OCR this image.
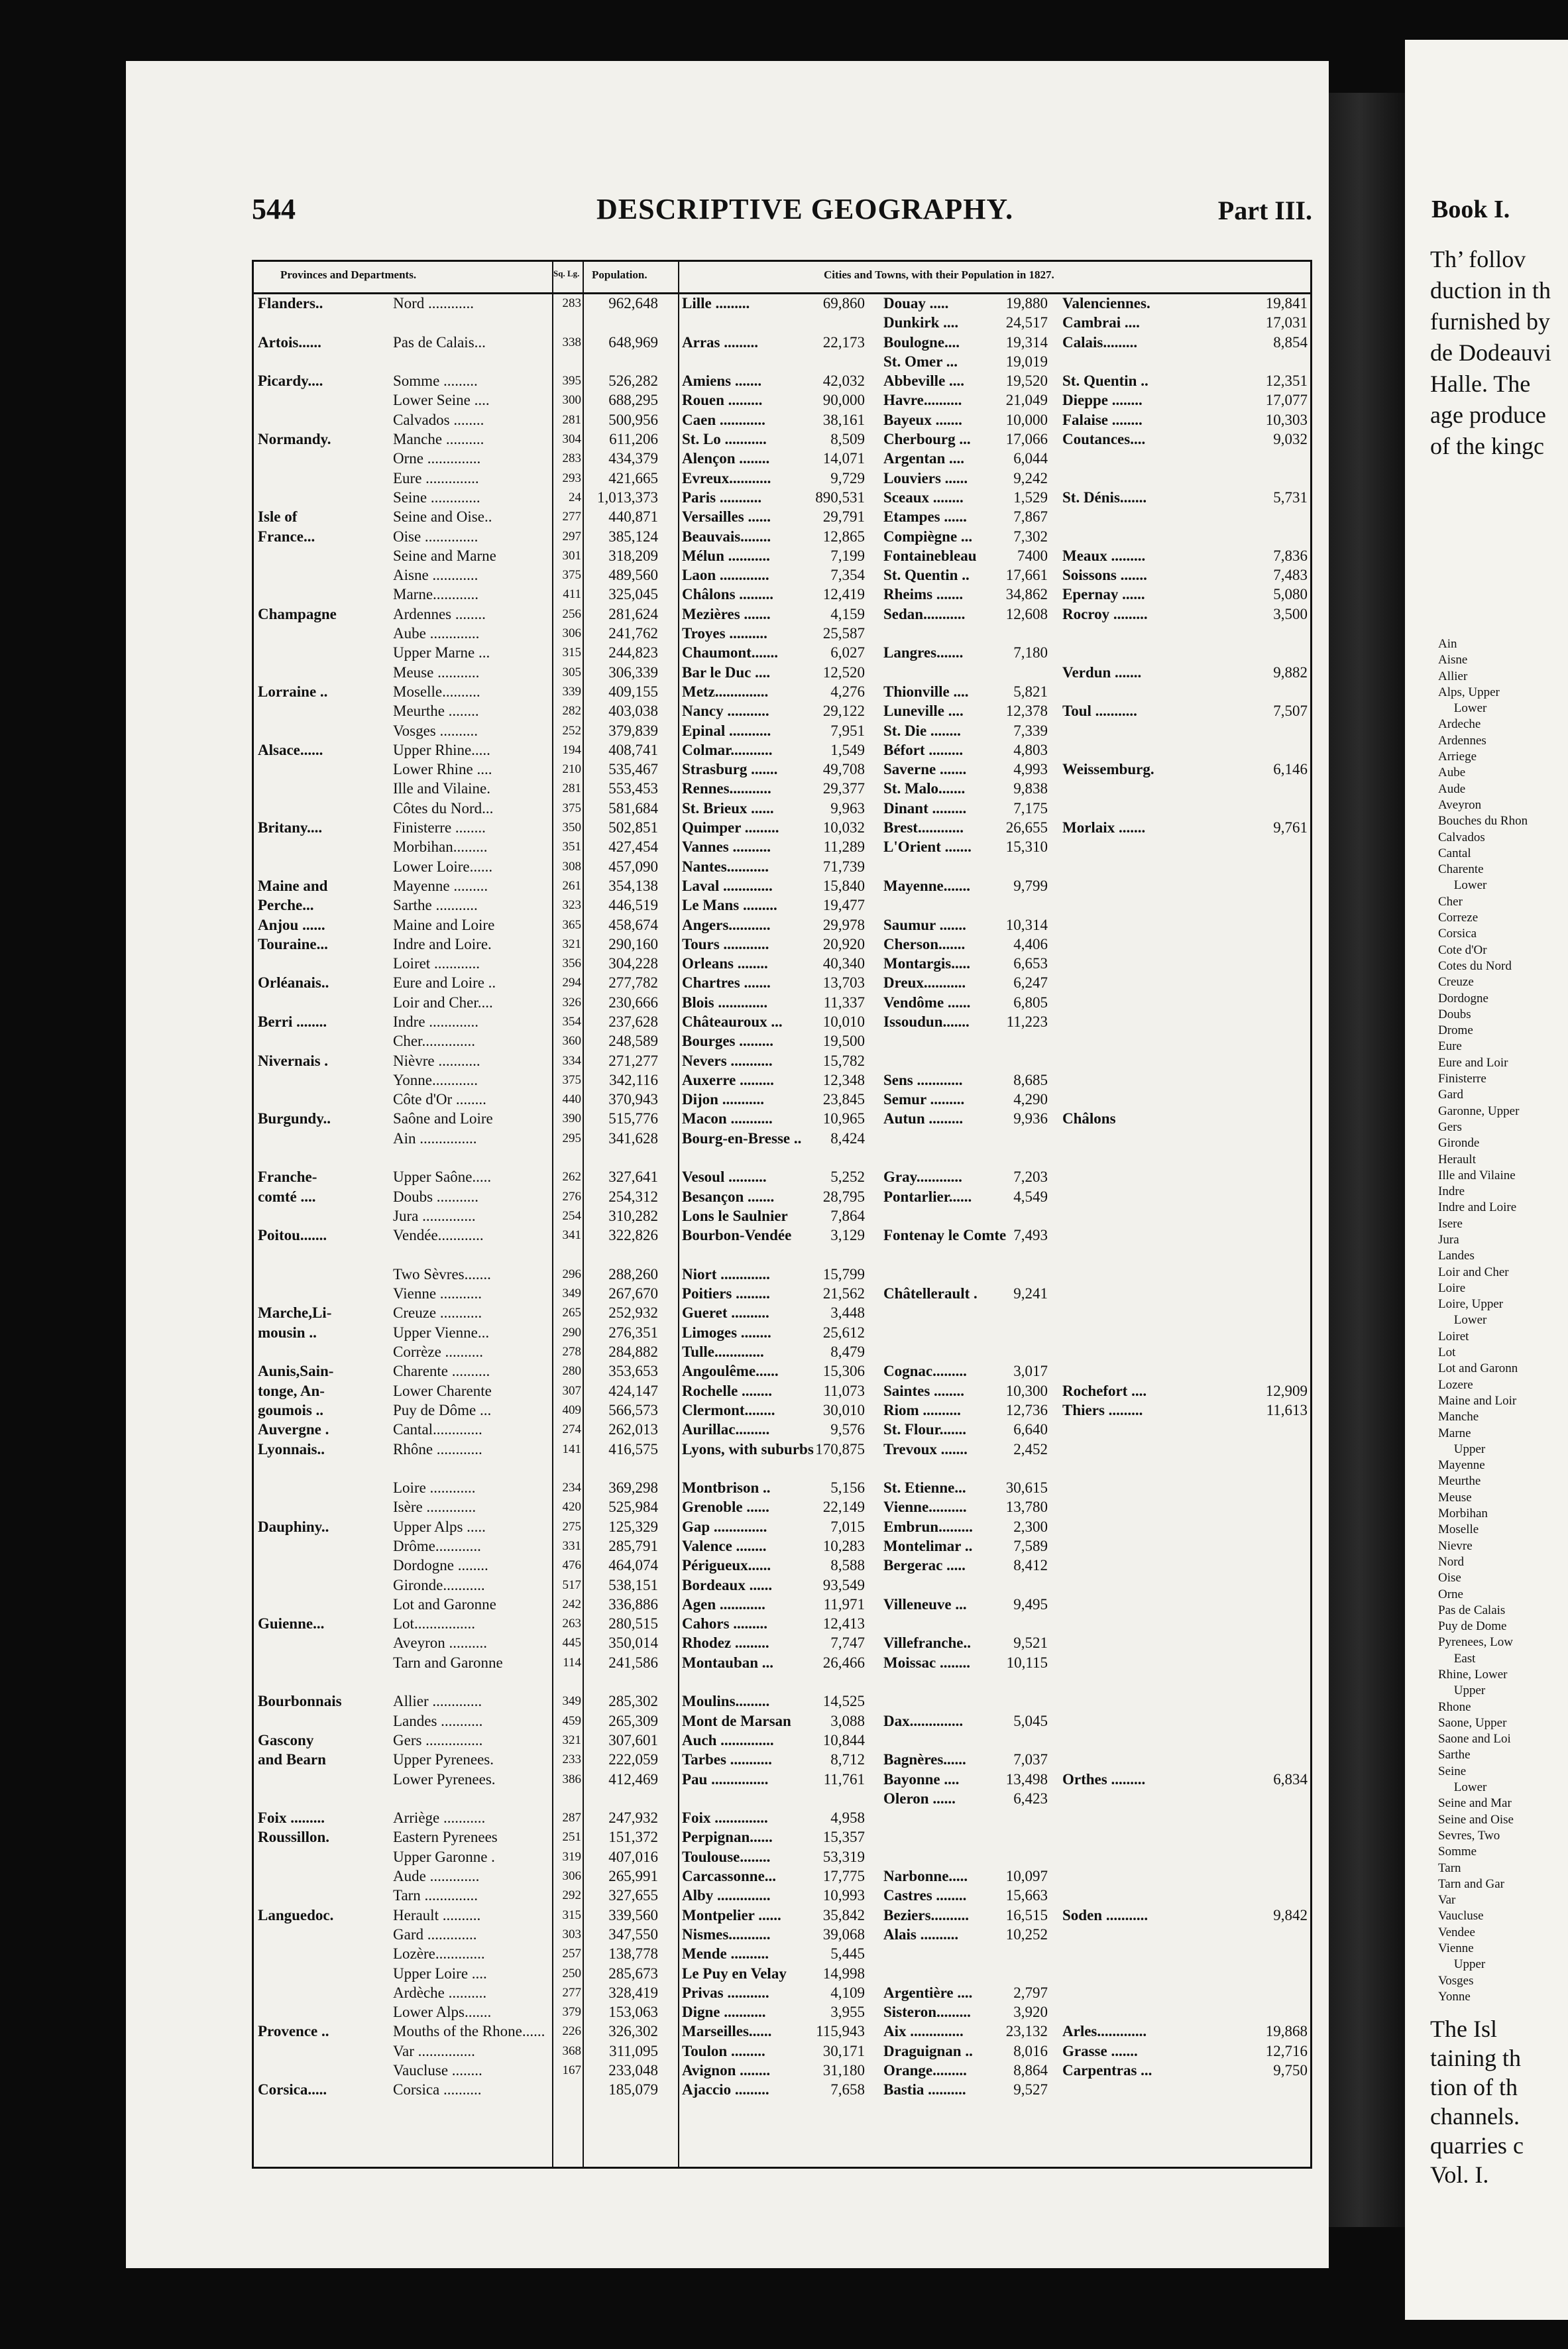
Book I.
Th’ follov
duction in th
furnished by
de Dodeauvi
Halle. The
age produce
of the kingc
Ain
Aisne
Allier
Alps, Upper
Lower
Ardeche
Ardennes
Arriege
Aube
Aude
Aveyron
Bouches du Rhon
Calvados
Cantal
Charente
Lower
Cher
Correze
Corsica
Cote d'Or
Cotes du Nord
Creuze
Dordogne
Doubs
Drome
Eure
Eure and Loir
Finisterre
Gard
Garonne, Upper
Gers
Gironde
Herault
Ille and Vilaine
Indre
Indre and Loire
Isere
Jura
Landes
Loir and Cher
Loire
Loire, Upper
Lower
Loiret
Lot
Lot and Garonn
Lozere
Maine and Loir
Manche
Marne
Upper
Mayenne
Meurthe
Meuse
Morbihan
Moselle
Nievre
Nord
Oise
Orne
Pas de Calais
Puy de Dome
Pyrenees, Low
East
Rhine, Lower
Upper
Rhone
Saone, Upper
Saone and Loi
Sarthe
Seine
Lower
Seine and Mar
Seine and Oise
Sevres, Two
Somme
Tarn
Tarn and Gar
Var
Vaucluse
Vendee
Vienne
Upper
Vosges
Yonne
The Isl
taining th
tion of th
channels.
quarries c
Vol. I.
544	DESCRIPTIVE GEOGRAPHY.	Part III.
Provinces and Departments.	Sq. Lg. Population.	Cities and Towns, with their Population in 1827.
Flanders..	Nord ............	283	962,648 Lille .........	69,860 Douay .....	19,880 Valenciennes.	19,841
Dunkirk ....	24,517 Cambrai ....	17,031
Artois......	Pas de Calais...	338	648,969 Arras .........	22,173 Boulogne....	19,314 Calais.........	8,854
St. Omer ...	19,019
Picardy....	Somme .........	395	526,282 Amiens .......	42,032 Abbeville ....	19,520 St. Quentin ..	12,351
Lower Seine ....	300	688,295 Rouen .........	90,000 Havre..........	21,049 Dieppe ........	17,077
Calvados ........	281	500,956 Caen ............	38,161 Bayeux .......	10,000 Falaise ........	10,303
Normandy.	Manche ..........	304	611,206 St. Lo ...........	8,509 Cherbourg ...	17,066 Coutances....	9,032
Orne ..............	283	434,379 Alençon ........	14,071 Argentan ....	6,044
Eure ..............	293	421,665 Evreux...........	9,729 Louviers ......	9,242
Seine .............	24	1,013,373 Paris ...........	890,531 Sceaux ........	1,529 St. Dénis.......	5,731
Isle of	Seine and Oise..	277	440,871 Versailles ......	29,791 Etampes ......	7,867
France...	Oise ..............	297	385,124 Beauvais........	12,865 Compiègne ...	7,302
Seine and Marne	301	318,209 Mélun ...........	7,199 Fontainebleau	7400 Meaux .........	7,836
Aisne ............	375	489,560 Laon .............	7,354 St. Quentin ..	17,661 Soissons .......	7,483
Marne............	411	325,045 Châlons .........	12,419 Rheims .......	34,862 Epernay ......	5,080
Champagne	Ardennes ........	256	281,624 Mezières .......	4,159 Sedan...........	12,608 Rocroy .........	3,500
Aube .............	306	241,762 Troyes ..........	25,587
Upper Marne ...	315	244,823 Chaumont.......	6,027 Langres.......	7,180
Meuse ...........	305	306,339 Bar le Duc ....	12,520	Verdun .......	9,882
Lorraine ..	Moselle..........	339	409,155 Metz..............	4,276 Thionville ....	5,821
Meurthe ........	282	403,038 Nancy ...........	29,122 Luneville ....	12,378 Toul ...........	7,507
Vosges ..........	252	379,839 Epinal ...........	7,951 St. Die ........	7,339
Alsace......	Upper Rhine.....	194	408,741 Colmar...........	1,549 Béfort .........	4,803
Lower Rhine ....	210	535,467 Strasburg .......	49,708 Saverne .......	4,993 Weissemburg.	6,146
Ille and Vilaine.	281	553,453 Rennes...........	29,377 St. Malo.......	9,838
Côtes du Nord...	375	581,684 St. Brieux ......	9,963 Dinant .........	7,175
Britany....	Finisterre ........	350	502,851 Quimper .........	10,032 Brest............	26,655 Morlaix .......	9,761
Morbihan.........	351	427,454 Vannes ..........	11,289 L'Orient .......	15,310
Lower Loire......	308	457,090 Nantes...........	71,739
Maine and	Mayenne .........	261	354,138 Laval .............	15,840 Mayenne.......	9,799
Perche...	Sarthe ...........	323	446,519 Le Mans .........	19,477
Anjou ......	Maine and Loire	365	458,674 Angers...........	29,978 Saumur .......	10,314
Touraine...	Indre and Loire.	321	290,160 Tours ............	20,920 Cherson.......	4,406
Loiret ............	356	304,228 Orleans ........	40,340 Montargis.....	6,653
Orléanais..	Eure and Loire ..	294	277,782 Chartres .......	13,703 Dreux...........	6,247
Loir and Cher....	326	230,666 Blois .............	11,337 Vendôme ......	6,805
Berri ........	Indre .............	354	237,628 Châteauroux ...	10,010 Issoudun.......	11,223
Cher..............	360	248,589 Bourges .........	19,500
Nivernais .	Nièvre ...........	334	271,277 Nevers ...........	15,782
Yonne............	375	342,116 Auxerre .........	12,348 Sens ............	8,685
Côte d'Or ........	440	370,943 Dijon ...........	23,845 Semur .........	4,290
Burgundy..	Saône and Loire	390	515,776 Macon ...........	10,965 Autun .........	9,936 Châlons
Ain ...............	295	341,628 Bourg-en-Bresse ..	8,424
Franche-	Upper Saône.....	262	327,641 Vesoul ..........	5,252 Gray............	7,203
comté ....	Doubs ...........	276	254,312 Besançon .......	28,795 Pontarlier......	4,549
Jura ..............	254	310,282 Lons le Saulnier	7,864
Poitou.......	Vendée............	341	322,826 Bourbon-Vendée	3,129 Fontenay le Comte 7,493
Two Sèvres.......	296	288,260 Niort .............	15,799
Vienne ...........	349	267,670 Poitiers .........	21,562 Châtellerault .	9,241
Marche,Li-	Creuze ...........	265	252,932 Gueret ..........	3,448
mousin ..	Upper Vienne...	290	276,351 Limoges ........	25,612
Corrèze ..........	278	284,882 Tulle.............	8,479
Aunis,Sain-	Charente ..........	280	353,653 Angoulême......	15,306 Cognac.........	3,017
tonge, An-	Lower Charente	307	424,147 Rochelle ........	11,073 Saintes ........	10,300 Rochefort ....	12,909
goumois ..	Puy de Dôme ...	409	566,573 Clermont........	30,010 Riom ..........	12,736 Thiers .........	11,613
Auvergne .	Cantal.............	274	262,013 Aurillac.........	9,576 St. Flour.......	6,640
Lyonnais..	Rhône ............	141	416,575 Lyons, with suburbs 170,875 Trevoux .......	2,452
Loire ............	234	369,298 Montbrison ..	5,156 St. Etienne...	30,615
Isère .............	420	525,984 Grenoble ......	22,149 Vienne..........	13,780
Dauphiny..	Upper Alps .....	275	125,329 Gap ..............	7,015 Embrun.........	2,300
Drôme............	331	285,791 Valence ........	10,283 Montelimar ..	7,589
Dordogne ........	476	464,074 Périgueux......	8,588 Bergerac .....	8,412
Gironde...........	517	538,151 Bordeaux ......	93,549
Lot and Garonne	242	336,886 Agen ............	11,971 Villeneuve ...	9,495
Guienne...	Lot................	263	280,515 Cahors .........	12,413
Aveyron ..........	445	350,014 Rhodez .........	7,747 Villefranche..	9,521
Tarn and Garonne	114	241,586 Montauban ...	26,466 Moissac ........	10,115
Bourbonnais	Allier .............	349	285,302 Moulins.........	14,525
Landes ...........	459	265,309 Mont de Marsan	3,088 Dax..............	5,045
Gascony	Gers ...............	321	307,601 Auch ..............	10,844
and Bearn	Upper Pyrenees.	233	222,059 Tarbes ...........	8,712 Bagnères......	7,037
Lower Pyrenees.	386	412,469 Pau ...............	11,761 Bayonne ....	13,498 Orthes .........	6,834
Oleron ......	6,423
Foix .........	Arriège ...........	287	247,932 Foix ..............	4,958
Roussillon.	Eastern Pyrenees	251	151,372 Perpignan......	15,357
Upper Garonne .	319	407,016 Toulouse........	53,319
Aude .............	306	265,991 Carcassonne...	17,775 Narbonne.....	10,097
Tarn ..............	292	327,655 Alby ..............	10,993 Castres ........	15,663
Languedoc.	Herault ..........	315	339,560 Montpelier ......	35,842 Beziers..........	16,515 Soden ...........	9,842
Gard .............	303	347,550 Nismes...........	39,068 Alais ..........	10,252
Lozère.............	257	138,778 Mende ..........	5,445
Upper Loire ....	250	285,673 Le Puy en Velay	14,998
Ardèche ..........	277	328,419 Privas ...........	4,109 Argentière ....	2,797
Lower Alps.......	379	153,063 Digne ...........	3,955 Sisteron.........	3,920
Provence ..	Mouths of the Rhone......	226	326,302 Marseilles......	115,943 Aix ..............	23,132 Arles.............	19,868
Var ...............	368	311,095 Toulon .........	30,171 Draguignan ..	8,016 Grasse .......	12,716
Vaucluse ........	167	233,048 Avignon ........	31,180 Orange.........	8,864 Carpentras ...	9,750
Corsica.....	Corsica ..........	185,079 Ajaccio .........	7,658 Bastia ..........	9,527
